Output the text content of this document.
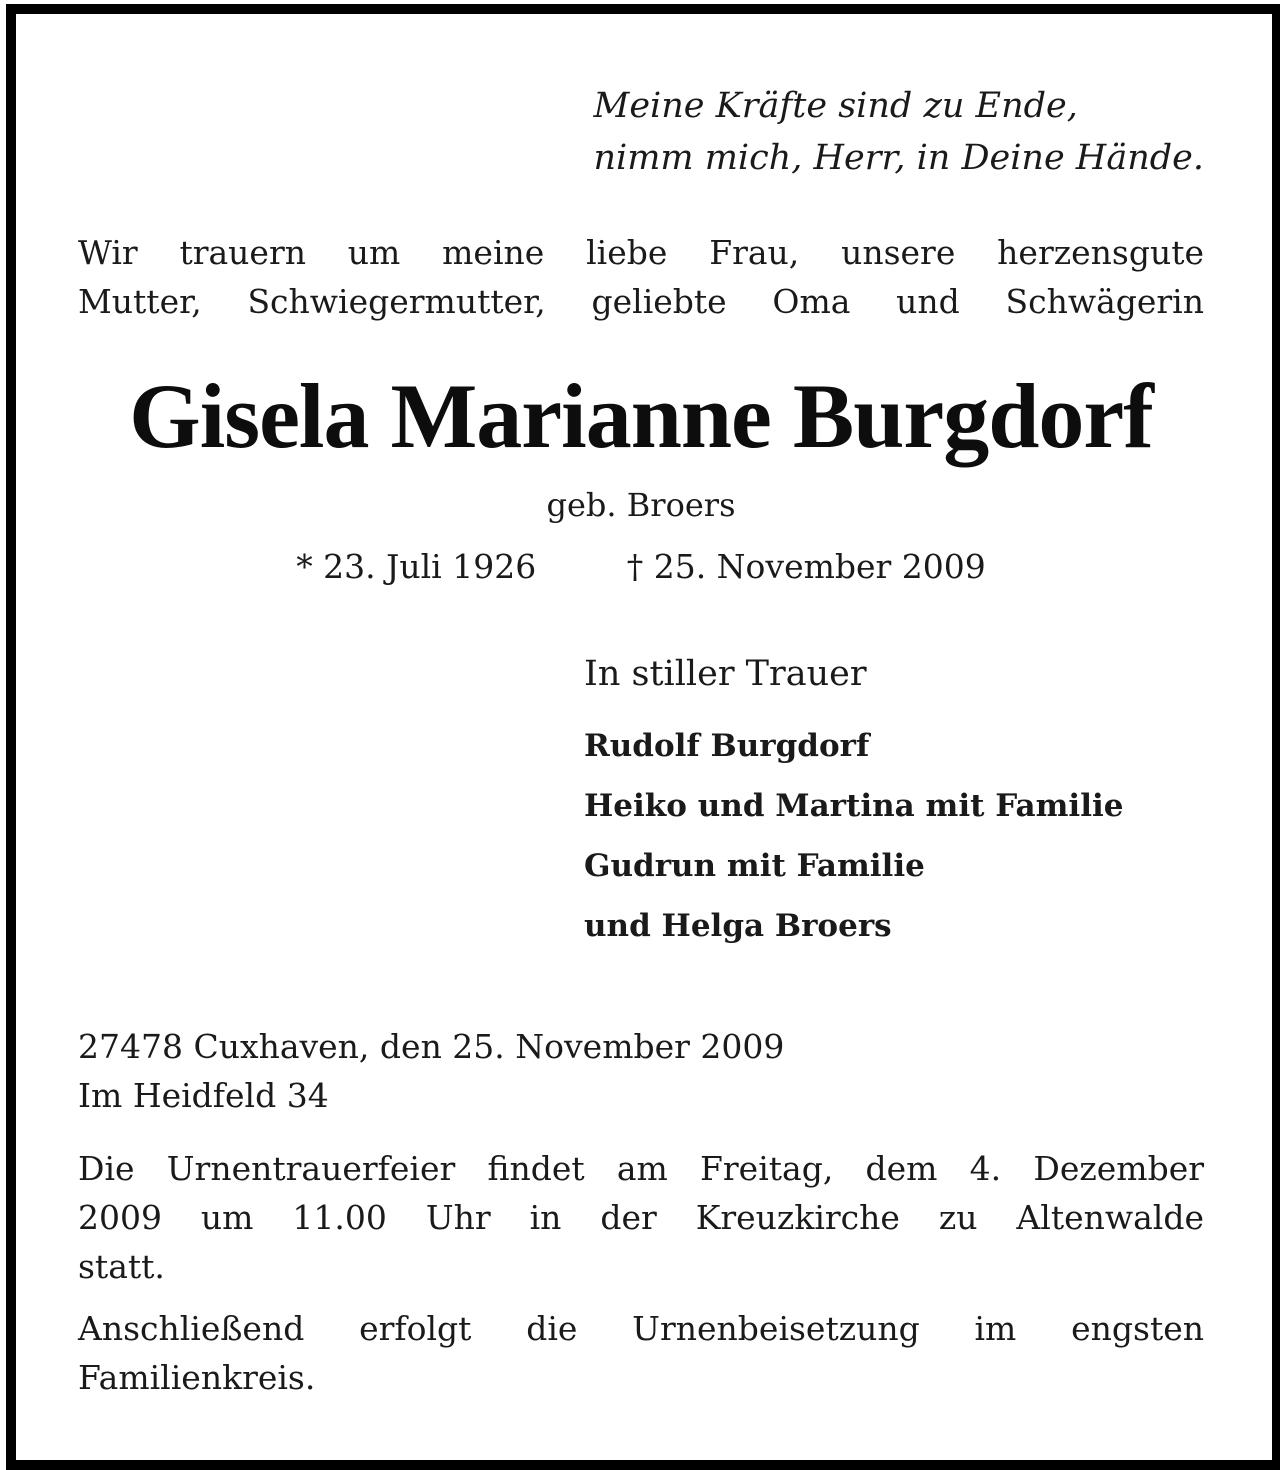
Meine Kräfte sind zu Ende,
nimm mich, Herr, in Deine Hände.
Wir trauern um meine liebe Frau, unsere herzensgute
Mutter, Schwiegermutter, geliebte Oma und Schwägerin
Gisela Marianne Burgdorf
geb. Broers
* 23. Juli 1926	† 25. November 2009
In stiller Trauer
Rudolf Burgdorf
Heiko und Martina mit Familie
Gudrun mit Familie
und Helga Broers
27478 Cuxhaven, den 25. November 2009
Im Heidfeld 34
Die Urnentrauerfeier findet am Freitag, dem 4. Dezember
2009 um 11.00 Uhr in der Kreuzkirche zu Altenwalde
statt.
Anschließend erfolgt die Urnenbeisetzung im engsten
Familienkreis.
